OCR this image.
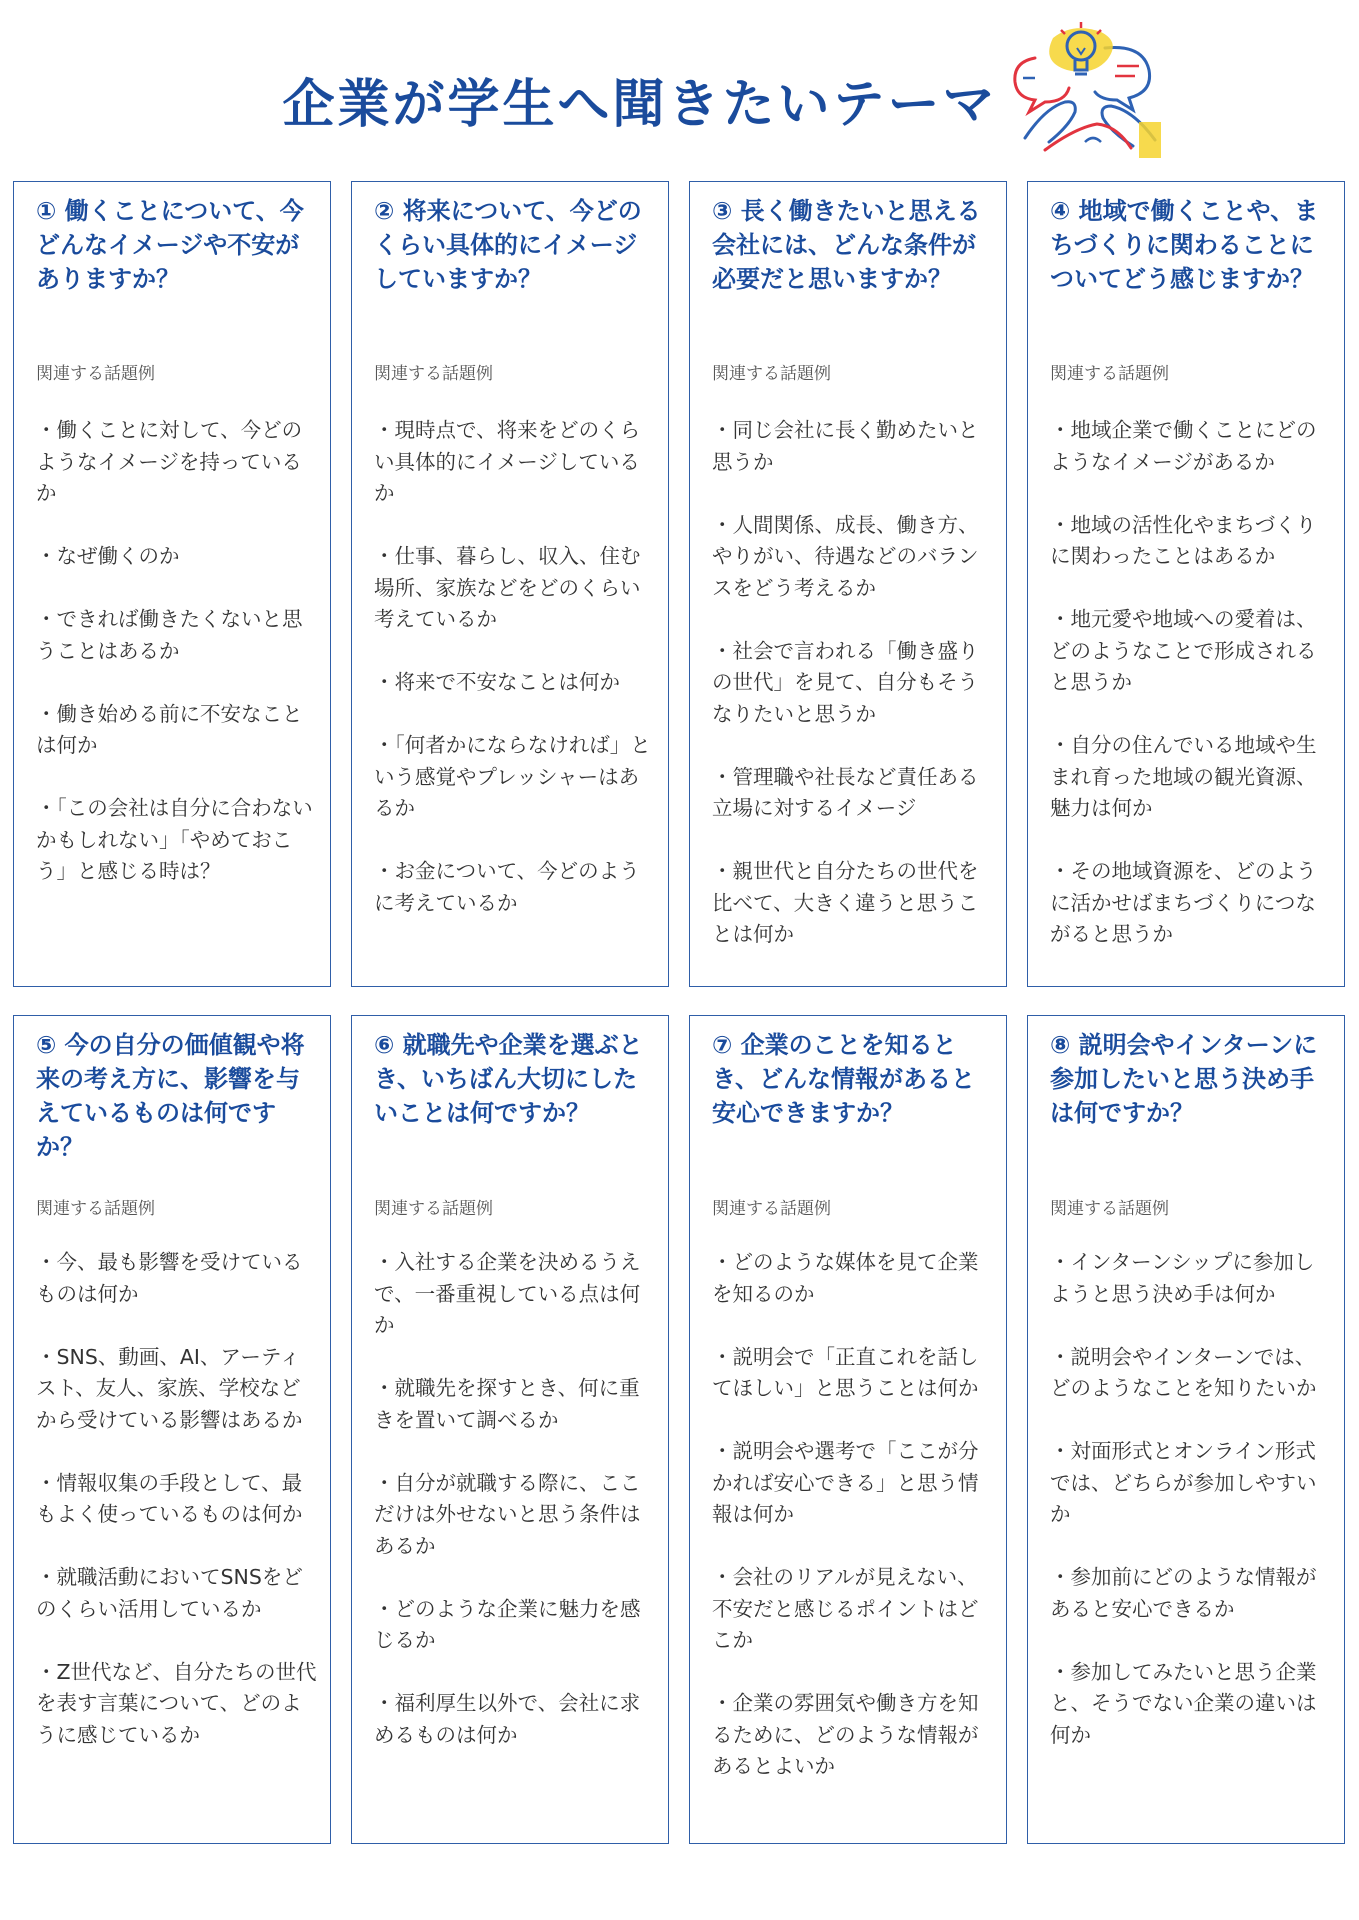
企業が学生へ聞きたいテーマ
① 働くことについて、今どんなイメージや不安がありますか？
関連する話題例
・働くことに対して、今どのようなイメージを持っているか
・なぜ働くのか
・できれば働きたくないと思うことはあるか
・働き始める前に不安なことは何か
・「この会社は自分に合わないかもしれない」「やめておこう」と感じる時は？
② 将来について、今どのくらい具体的にイメージしていますか？
関連する話題例
・現時点で、将来をどのくらい具体的にイメージしているか
・仕事、暮らし、収入、住む場所、家族などをどのくらい考えているか
・将来で不安なことは何か
・「何者かにならなければ」という感覚やプレッシャーはあるか
・お金について、今どのように考えているか
③ 長く働きたいと思える会社には、どんな条件が必要だと思いますか？
関連する話題例
・同じ会社に長く勤めたいと思うか
・人間関係、成長、働き方、やりがい、待遇などのバランスをどう考えるか
・社会で言われる「働き盛りの世代」を見て、自分もそうなりたいと思うか
・管理職や社長など責任ある立場に対するイメージ
・親世代と自分たちの世代を比べて、大きく違うと思うことは何か
④ 地域で働くことや、まちづくりに関わることについてどう感じますか？
関連する話題例
・地域企業で働くことにどのようなイメージがあるか
・地域の活性化やまちづくりに関わったことはあるか
・地元愛や地域への愛着は、どのようなことで形成されると思うか
・自分の住んでいる地域や生まれ育った地域の観光資源、魅力は何か
・その地域資源を、どのように活かせばまちづくりにつながると思うか
⑤ 今の自分の価値観や将来の考え方に、影響を与えているものは何ですか？
関連する話題例
・今、最も影響を受けているものは何か
・SNS、動画、AI、アーティスト、友人、家族、学校などから受けている影響はあるか
・情報収集の手段として、最もよく使っているものは何か
・就職活動においてSNSをどのくらい活用しているか
・Z世代など、自分たちの世代を表す言葉について、どのように感じているか
⑥ 就職先や企業を選ぶとき、いちばん大切にしたいことは何ですか？
関連する話題例
・入社する企業を決めるうえで、一番重視している点は何か
・就職先を探すとき、何に重きを置いて調べるか
・自分が就職する際に、ここだけは外せないと思う条件はあるか
・どのような企業に魅力を感じるか
・福利厚生以外で、会社に求めるものは何か
⑦ 企業のことを知るとき、どんな情報があると安心できますか？
関連する話題例
・どのような媒体を見て企業を知るのか
・説明会で「正直これを話してほしい」と思うことは何か
・説明会や選考で「ここが分かれば安心できる」と思う情報は何か
・会社のリアルが見えない、不安だと感じるポイントはどこか
・企業の雰囲気や働き方を知るために、どのような情報があるとよいか
⑧ 説明会やインターンに参加したいと思う決め手は何ですか？
関連する話題例
・インターンシップに参加しようと思う決め手は何か
・説明会やインターンでは、どのようなことを知りたいか
・対面形式とオンライン形式では、どちらが参加しやすいか
・参加前にどのような情報があると安心できるか
・参加してみたいと思う企業と、そうでない企業の違いは何か
